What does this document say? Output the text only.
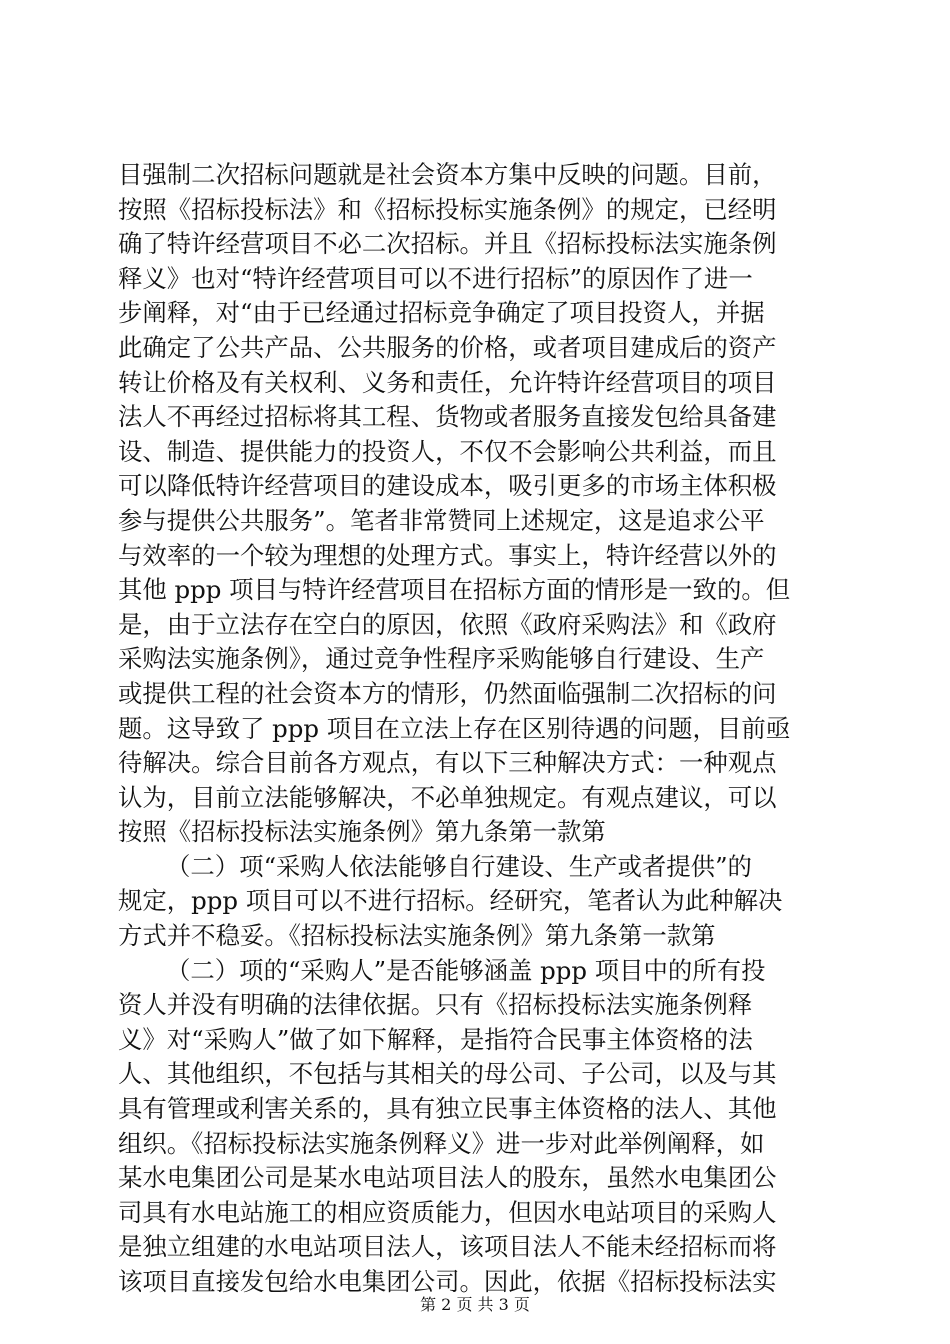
目强制二次招标问题就是社会资本方集中反映的问题。目前，
按照《招标投标法》和《招标投标实施条例》的规定，已经明
确了特许经营项目不必二次招标。并且《招标投标法实施条例
释义》也对“特许经营项目可以不进行招标”的原因作了进一
步阐释，对“由于已经通过招标竞争确定了项目投资人，并据
此确定了公共产品、公共服务的价格，或者项目建成后的资产
转让价格及有关权利、义务和责任，允许特许经营项目的项目
法人不再经过招标将其工程、货物或者服务直接发包给具备建
设、制造、提供能力的投资人，不仅不会影响公共利益，而且
可以降低特许经营项目的建设成本，吸引更多的市场主体积极
参与提供公共服务”。笔者非常赞同上述规定，这是追求公平
与效率的一个较为理想的处理方式。事实上，特许经营以外的
其他 ppp 项目与特许经营项目在招标方面的情形是一致的。但
是，由于立法存在空白的原因，依照《政府采购法》和《政府
采购法实施条例》，通过竞争性程序采购能够自行建设、生产
或提供工程的社会资本方的情形，仍然面临强制二次招标的问
题。这导致了 ppp 项目在立法上存在区别待遇的问题，目前亟
待解决。综合目前各方观点，有以下三种解决方式：一种观点
认为，目前立法能够解决，不必单独规定。有观点建议，可以
按照《招标投标法实施条例》第九条第一款第
（二）项“采购人依法能够自行建设、生产或者提供”的
规定，ppp 项目可以不进行招标。经研究，笔者认为此种解决
方式并不稳妥。《招标投标法实施条例》第九条第一款第
（二）项的“采购人”是否能够涵盖 ppp 项目中的所有投
资人并没有明确的法律依据。只有《招标投标法实施条例释
义》对“采购人”做了如下解释，是指符合民事主体资格的法
人、其他组织，不包括与其相关的母公司、子公司，以及与其
具有管理或利害关系的，具有独立民事主体资格的法人、其他
组织。《招标投标法实施条例释义》进一步对此举例阐释，如
某水电集团公司是某水电站项目法人的股东，虽然水电集团公
司具有水电站施工的相应资质能力，但因水电站项目的采购人
是独立组建的水电站项目法人，该项目法人不能未经招标而将
该项目直接发包给水电集团公司。因此，依据《招标投标法实
第 2 页 共 3 页
